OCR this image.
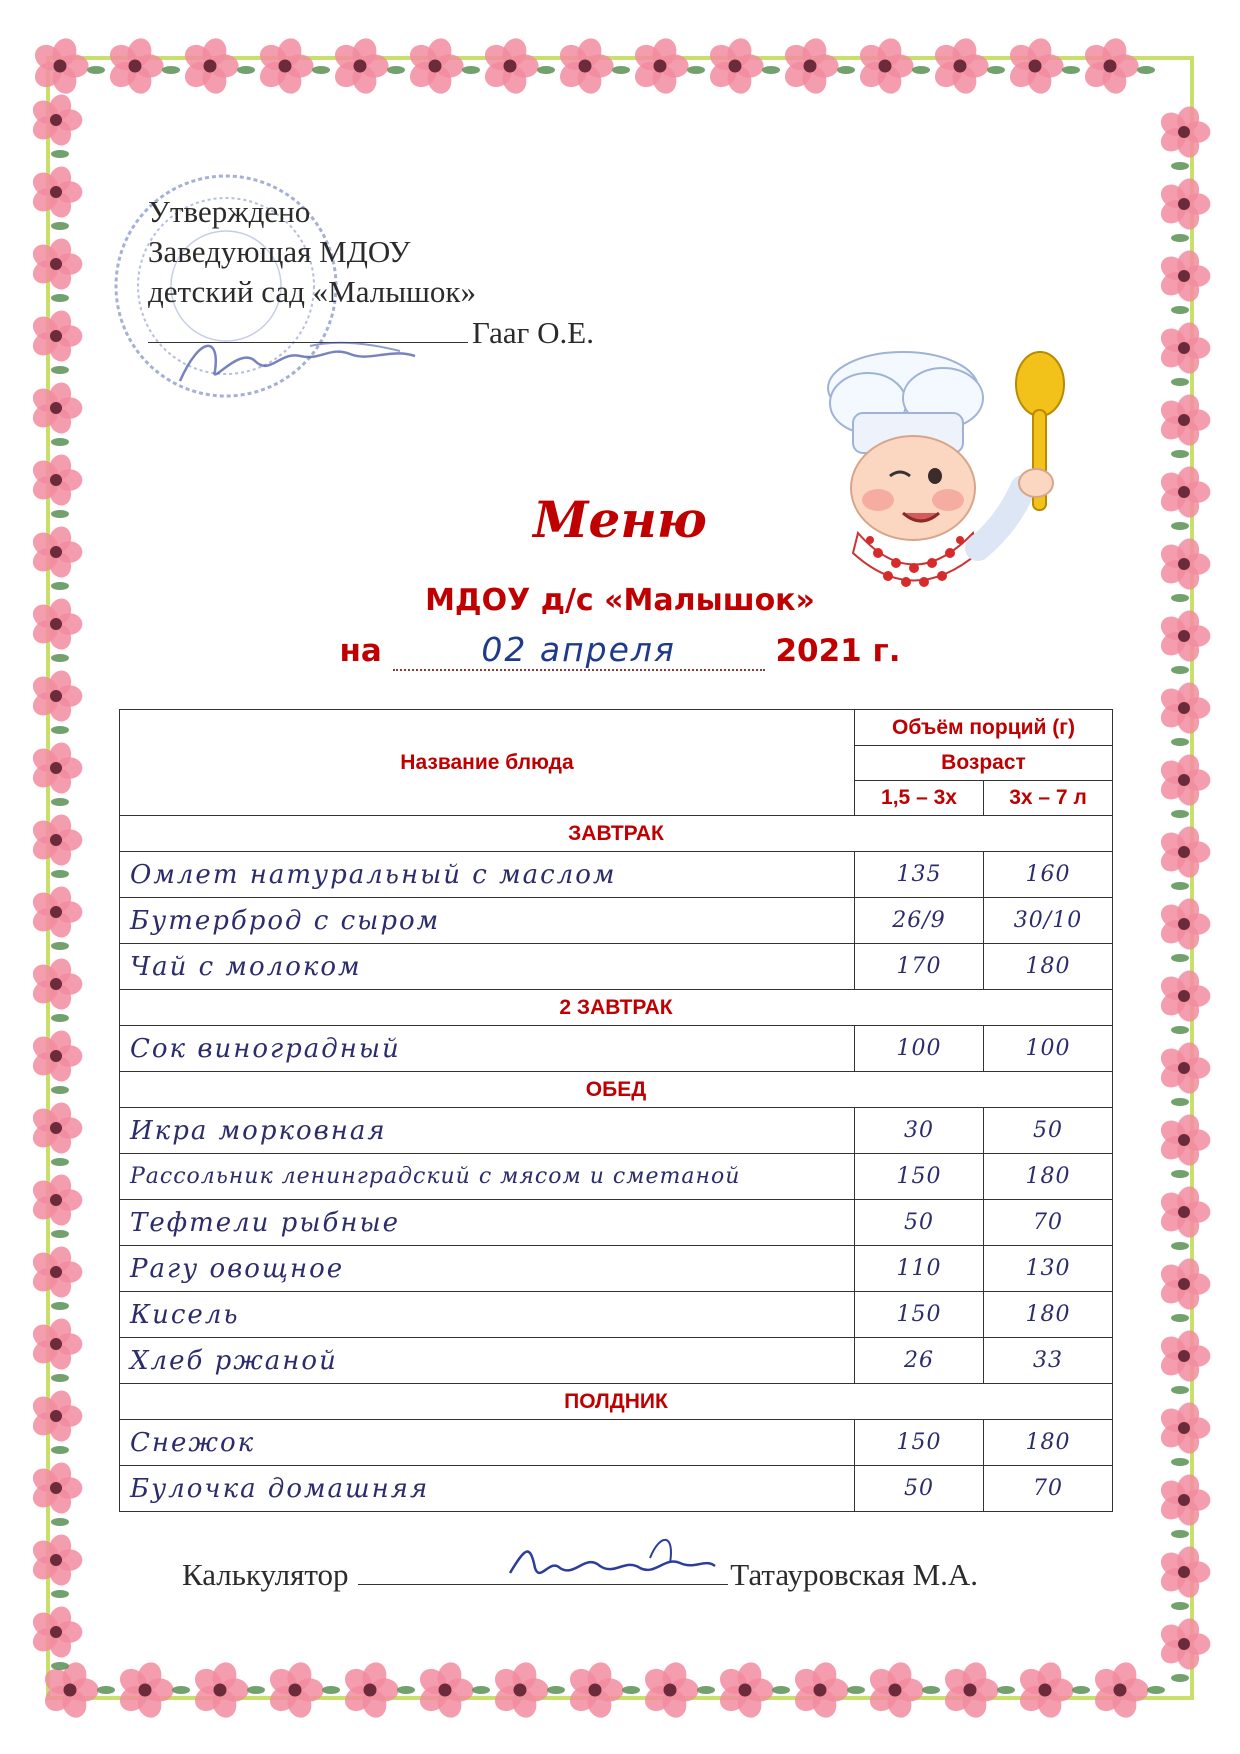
Утверждено
Заведующая МДОУ
детский сад «Малышок»
Гааг О.Е.
Меню
МДОУ д/с «Малышок»
на	02 апреля	2021 г.
Название блюда	Объём порций (г)	
	Возраст	
	1,5 – 3х	3х – 7 л
ЗАВТРАК		
Омлет натуральный с маслом	135	160
Бутерброд с сыром	26/9	30/10
Чай с молоком	170	180
2 ЗАВТРАК		
Сок виноградный	100	100
ОБЕД		
Икра морковная	30	50
Рассольник ленинградский с мясом и сметаной	150	180
Тефтели рыбные	50	70
Рагу овощное	110	130
Кисель	150	180
Хлеб ржаной	26	33
ПОЛДНИК		
Снежок	150	180
Булочка домашняя	50	70
Калькулятор	Татауровская М.А.
